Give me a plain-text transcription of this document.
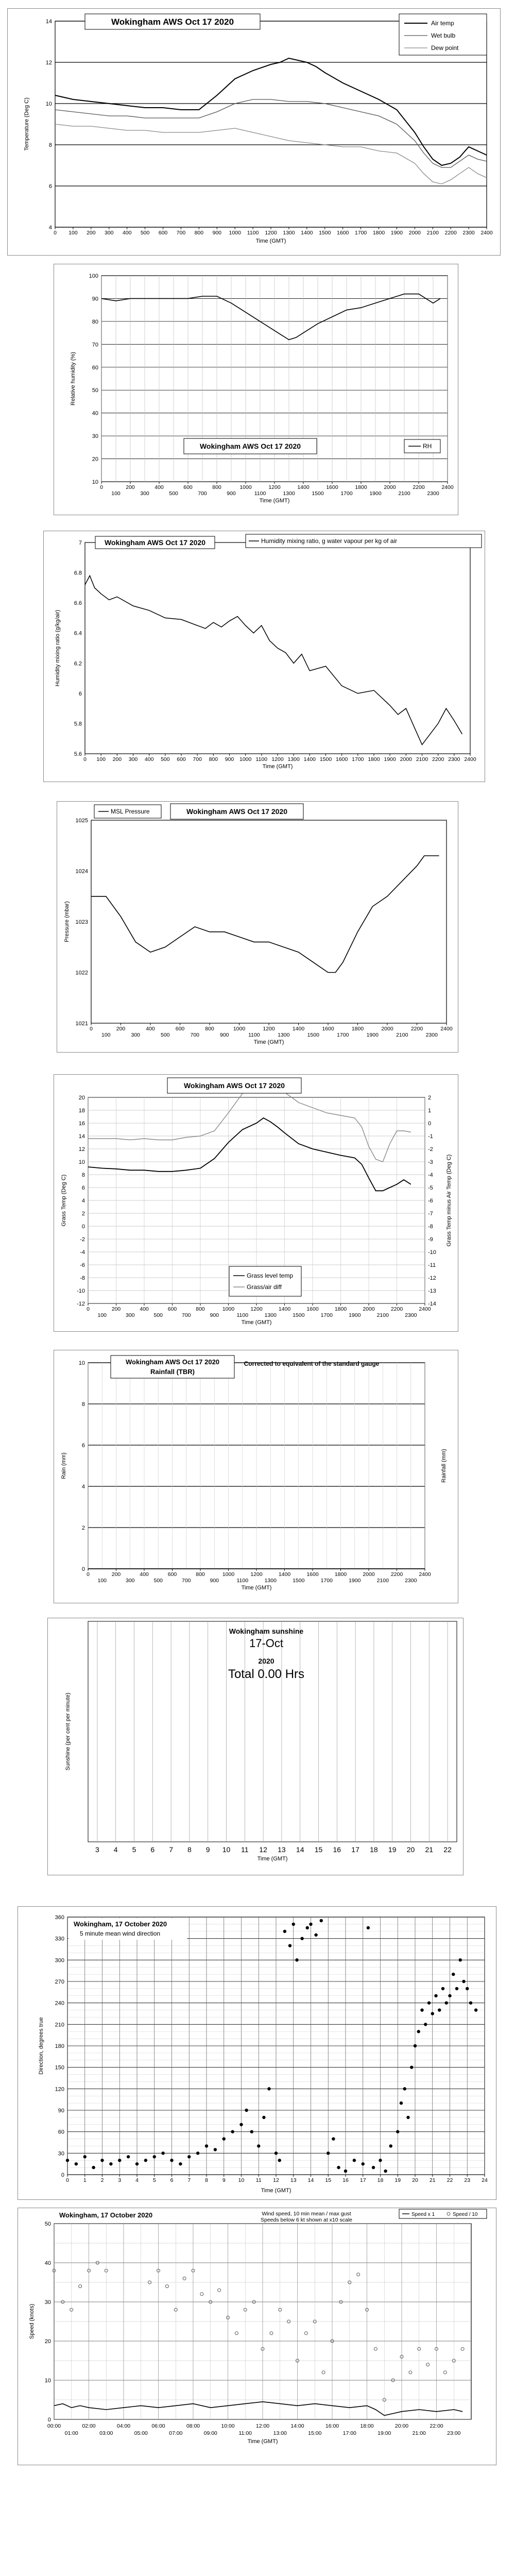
4
6
8
10
12
14
0 100 200 300 400 500 600 700 800 900 1000 1100 1200 1300 1400 1500 1600 1700 1800 1900 2000 2100 2200 2300 2400
Wokingham AWS Oct 17 2020	Air temp
Wet bulb
Dew point
Temperature (Deg C)
Time (GMT)
10
20
30
40
50
60
70
80
90
100
0	200	400	600	800	1000	1200	1400	1600	1800	2000	2200	2400
100	300	500	700	900	1100	1300	1500	1700	1900	2100	2300
Wokingham AWS Oct 17 2020	RH
Relative humidity (%)
Time (GMT)
5.6
5.8
6
6.2
6.4
6.6
6.8
7
0 100 200 300 400 500 600 700 800 900 1000 1100 1200 1300 1400 1500 1600 1700 1800 1900 2000 2100 2200 2300 2400
Wokingham AWS Oct 17 2020	Humidity mixing ratio, g water vapour per kg of air
Humidity mixing ratio (g/kg/air)
Time (GMT)
1021
1022
1023
1024
1025
0	200	400	600	800	1000	1200	1400	1600	1800	2000	2200	2400
100	300	500	700	900	1100	1300	1500	1700	1900	2100	2300
MSL Pressure	Wokingham AWS Oct 17 2020
Pressure (mbar)
Time (GMT)
-12
-10
-8
-6
-4
-2
0
2
4
6
8
10
12
14
16
18
20
0	200	400	600	800	1000	1200	1400	1600	1800	2000	2200	2400
100	300	500	700	900	1100	1300	1500	1700	1900	2100	2300
-14
-13
-12
-11
-10
-9
-8
-7
-6
-5
-4
-3
-2
-1
0
1
2
Wokingham AWS Oct 17 2020
Grass level temp
Grass/air diff
Grass Temp (Deg C)	Grass Temp minus Air Temp (Deg C)
Time (GMT)
0
2
4
6
8
10
0	200	400	600	800	1000	1200	1400	1600	1800	2000	2200	2400
100	300	500	700	900	1100	1300	1500	1700	1900	2100	2300
Wokingham AWS Oct 17 2020
Rainfall (TBR)
Corrected to equivalent of the standard gauge
Rain (mm)	Rainfall (mm)
Time (GMT)
3 4 5 6 7 8 9 10 11 12 13 14 15 16 17 18 19 20 21 22
Wokingham sunshine
17-Oct
2020
Total 0.00 Hrs
Sunshine (per cent per minute)
Time (GMT)
0
30
60
90
120
150
180
210
240
270
300
330
360
0	1	2	3	4	5	6	7	8	9 10 11 12 13 14 15 16 17 18 19 20 21 22 23 24
Wokingham, 17 October 2020
5 minute mean wind direction
Direction, degrees true
Time (GMT)
0
10
20
30
40
50
00:00	02:00	04:00	06:00	08:00	10:00	12:00	14:00	16:00	18:00	20:00	22:00
01:00	03:00	05:00	07:00	09:00	11:00	13:00	15:00	17:00	19:00	21:00	23:00
Wokingham, 17 October 2020	Wind speed, 10 min mean / max gust
Speeds below 6 kt shown at x10 scale
Speed x 1	Speed / 10
Speed (knots)
Time (GMT)
